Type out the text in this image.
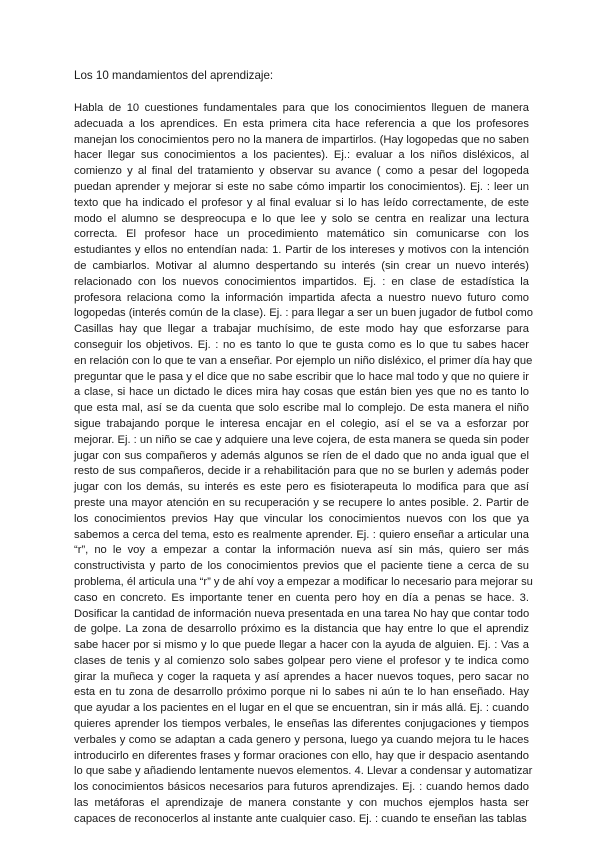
Los 10 mandamientos del aprendizaje:

Habla de 10 cuestiones fundamentales para que los conocimientos lleguen de manera
adecuada a los aprendices. En esta primera cita hace referencia a que los profesores
manejan los conocimientos pero no la manera de impartirlos. (Hay logopedas que no saben
hacer llegar sus conocimientos a los pacientes). Ej.: evaluar a los niños disléxicos, al
comienzo y al final del tratamiento y observar su avance ( como a pesar del logopeda
puedan aprender y mejorar si este no sabe cómo impartir los conocimientos). Ej. : leer un
texto que ha indicado el profesor y al final evaluar si lo has leído correctamente, de este
modo el alumno se despreocupa e lo que lee y solo se centra en realizar una lectura
correcta. El profesor hace un procedimiento matemático sin comunicarse con los
estudiantes y ellos no entendían nada: 1. Partir de los intereses y motivos con la intención
de cambiarlos. Motivar al alumno despertando su interés (sin crear un nuevo interés)
relacionado con los nuevos conocimientos impartidos. Ej. : en clase de estadística la
profesora relaciona como la información impartida afecta a nuestro nuevo futuro como
logopedas (interés común de la clase). Ej. : para llegar a ser un buen jugador de futbol como
Casillas hay que llegar a trabajar muchísimo, de este modo hay que esforzarse para
conseguir los objetivos. Ej. : no es tanto lo que te gusta como es lo que tu sabes hacer
en relación con lo que te van a enseñar. Por ejemplo un niño disléxico, el primer día hay que
preguntar que le pasa y el dice que no sabe escribir que lo hace mal todo y que no quiere ir
a clase, si hace un dictado le dices mira hay cosas que están bien yes que no es tanto lo
que esta mal, así se da cuenta que solo escribe mal lo complejo. De esta manera el niño
sigue trabajando porque le interesa encajar en el colegio, así el se va a esforzar por
mejorar. Ej. : un niño se cae y adquiere una leve cojera, de esta manera se queda sin poder
jugar con sus compañeros y además algunos se ríen de el dado que no anda igual que el
resto de sus compañeros, decide ir a rehabilitación para que no se burlen y además poder
jugar con los demás, su interés es este pero es fisioterapeuta lo modifica para que así
preste una mayor atención en su recuperación y se recupere lo antes posible. 2. Partir de
los conocimientos previos Hay que vincular los conocimientos nuevos con los que ya
sabemos a cerca del tema, esto es realmente aprender. Ej. : quiero enseñar a articular una
“r”, no le voy a empezar a contar la información nueva así sin más, quiero ser más
constructivista y parto de los conocimientos previos que el paciente tiene a cerca de su
problema, él articula una “r” y de ahí voy a empezar a modificar lo necesario para mejorar su
caso en concreto. Es importante tener en cuenta pero hoy en día a penas se hace. 3.
Dosificar la cantidad de información nueva presentada en una tarea No hay que contar todo
de golpe. La zona de desarrollo próximo es la distancia que hay entre lo que el aprendiz
sabe hacer por si mismo y lo que puede llegar a hacer con la ayuda de alguien. Ej. : Vas a
clases de tenis y al comienzo solo sabes golpear pero viene el profesor y te indica como
girar la muñeca y coger la raqueta y así aprendes a hacer nuevos toques, pero sacar no
esta en tu zona de desarrollo próximo porque ni lo sabes ni aún te lo han enseñado. Hay
que ayudar a los pacientes en el lugar en el que se encuentran, sin ir más allá. Ej. : cuando
quieres aprender los tiempos verbales, le enseñas las diferentes conjugaciones y tiempos
verbales y como se adaptan a cada genero y persona, luego ya cuando mejora tu le haces
introducirlo en diferentes frases y formar oraciones con ello, hay que ir despacio asentando
lo que sabe y añadiendo lentamente nuevos elementos. 4. Llevar a condensar y automatizar
los conocimientos básicos necesarios para futuros aprendizajes. Ej. : cuando hemos dado
las metáforas el aprendizaje de manera constante y con muchos ejemplos hasta ser
capaces de reconocerlos al instante ante cualquier caso. Ej. : cuando te enseñan las tablas
